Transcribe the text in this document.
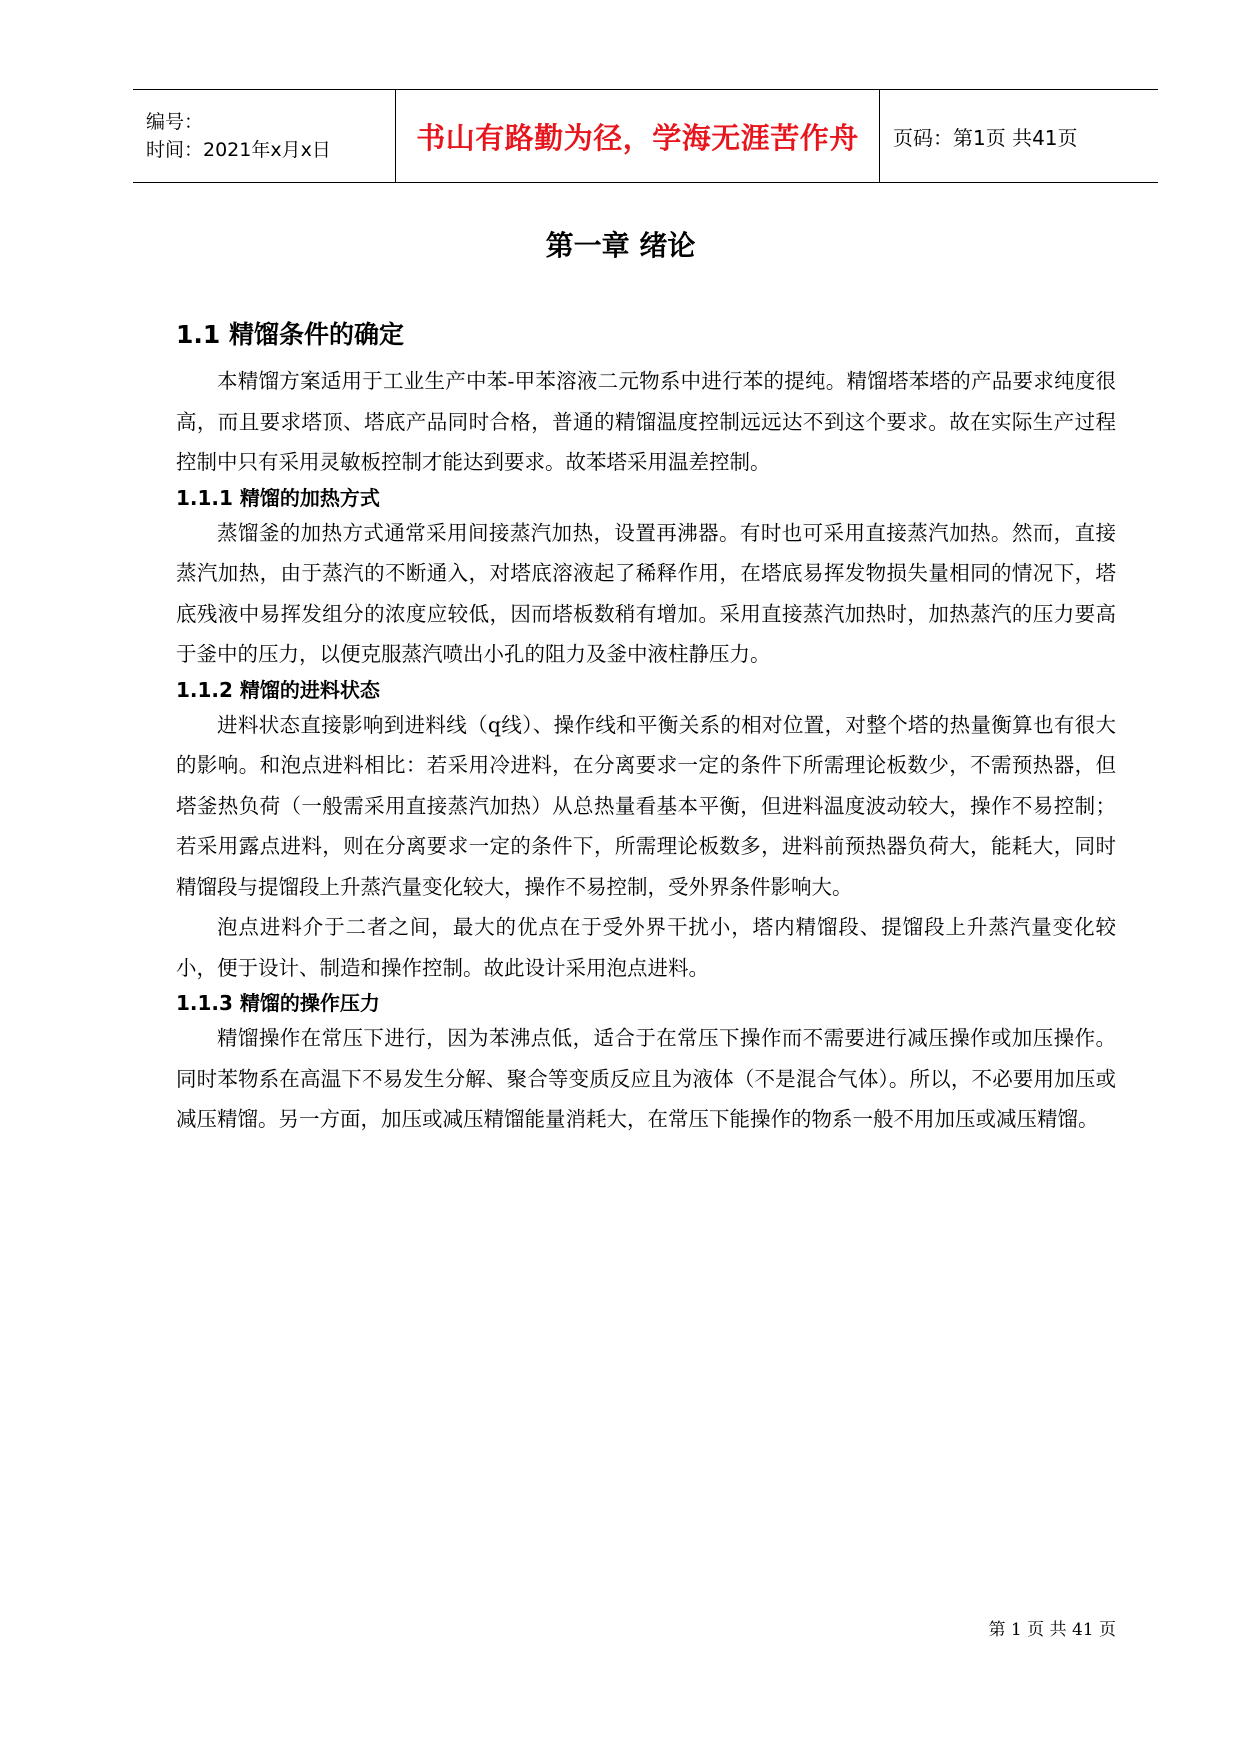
编号：
时间：2021年x月x日	书山有路勤为径，学海无涯苦作舟 页码：第1页 共41页
第一章 绪论
1.1 精馏条件的确定

本精馏方案适用于工业生产中苯-甲苯溶液二元物系中进行苯的提纯。精馏塔苯塔的产品要求纯度很高，而且要求塔顶、塔底产品同时合格，普通的精馏温度控制远远达不到这个要求。故在实际生产过程控制中只有采用灵敏板控制才能达到要求。故苯塔采用温差控制。

1.1.1 精馏的加热方式

蒸馏釜的加热方式通常采用间接蒸汽加热，设置再沸器。有时也可采用直接蒸汽加热。然而，直接蒸汽加热，由于蒸汽的不断通入，对塔底溶液起了稀释作用，在塔底易挥发物损失量相同的情况下，塔底残液中易挥发组分的浓度应较低，因而塔板数稍有增加。采用直接蒸汽加热时，加热蒸汽的压力要高于釜中的压力，以便克服蒸汽喷出小孔的阻力及釜中液柱静压力。

1.1.2 精馏的进料状态

进料状态直接影响到进料线（q线）、操作线和平衡关系的相对位置，对整个塔的热量衡算也有很大的影响。和泡点进料相比：若采用冷进料，在分离要求一定的条件下所需理论板数少，不需预热器，但塔釜热负荷（一般需采用直接蒸汽加热）从总热量看基本平衡，但进料温度波动较大，操作不易控制；若采用露点进料，则在分离要求一定的条件下，所需理论板数多，进料前预热器负荷大，能耗大，同时精馏段与提馏段上升蒸汽量变化较大，操作不易控制，受外界条件影响大。

泡点进料介于二者之间，最大的优点在于受外界干扰小，塔内精馏段、提馏段上升蒸汽量变化较小，便于设计、制造和操作控制。故此设计采用泡点进料。

1.1.3 精馏的操作压力

精馏操作在常压下进行，因为苯沸点低，适合于在常压下操作而不需要进行减压操作或加压操作。同时苯物系在高温下不易发生分解、聚合等变质反应且为液体（不是混合气体）。所以，不必要用加压或减压精馏。另一方面，加压或减压精馏能量消耗大，在常压下能操作的物系一般不用加压或减压精馏。

第 1 页 共 41 页
